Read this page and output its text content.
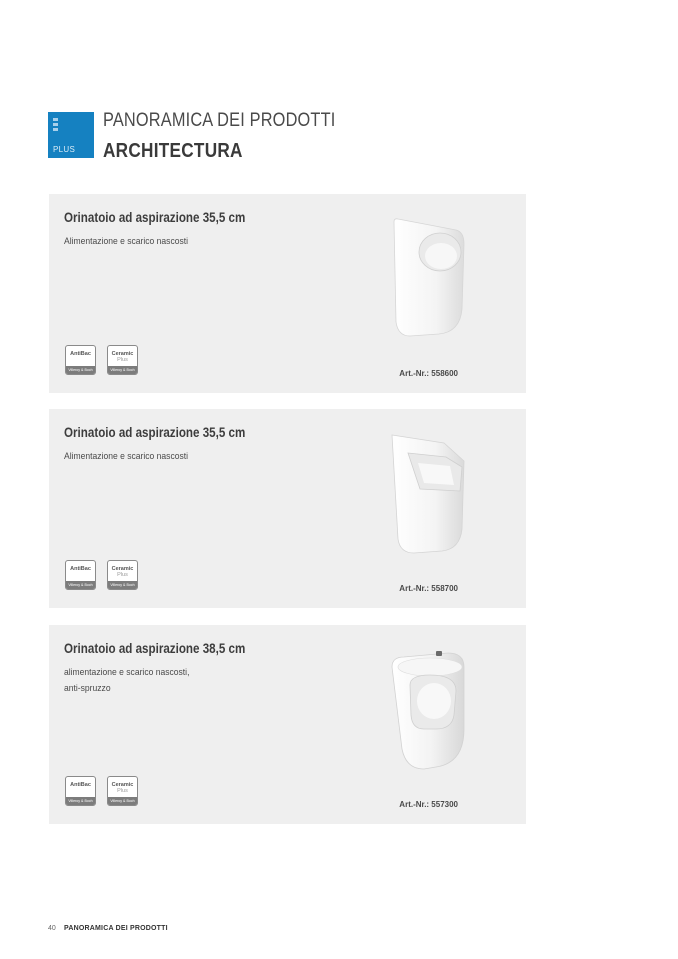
PLUS
PANORAMICA DEI PRODOTTI
ARCHITECTURA
Orinatoio ad aspirazione 35,5 cm
Alimentazione e scarico nascosti
AntiBac
Villeroy & Boch
Ceramic
Plus
Villeroy & Boch	Art.-Nr.: 558600
Orinatoio ad aspirazione 35,5 cm
Alimentazione e scarico nascosti
AntiBac
Villeroy & Boch
Ceramic
Plus
Villeroy & Boch	Art.-Nr.: 558700
Orinatoio ad aspirazione 38,5 cm
alimentazione e scarico nascosti,
anti-spruzzo
AntiBac
Villeroy & Boch
Ceramic
Plus
Villeroy & Boch	Art.-Nr.: 557300
40 PANORAMICA DEI PRODOTTI
